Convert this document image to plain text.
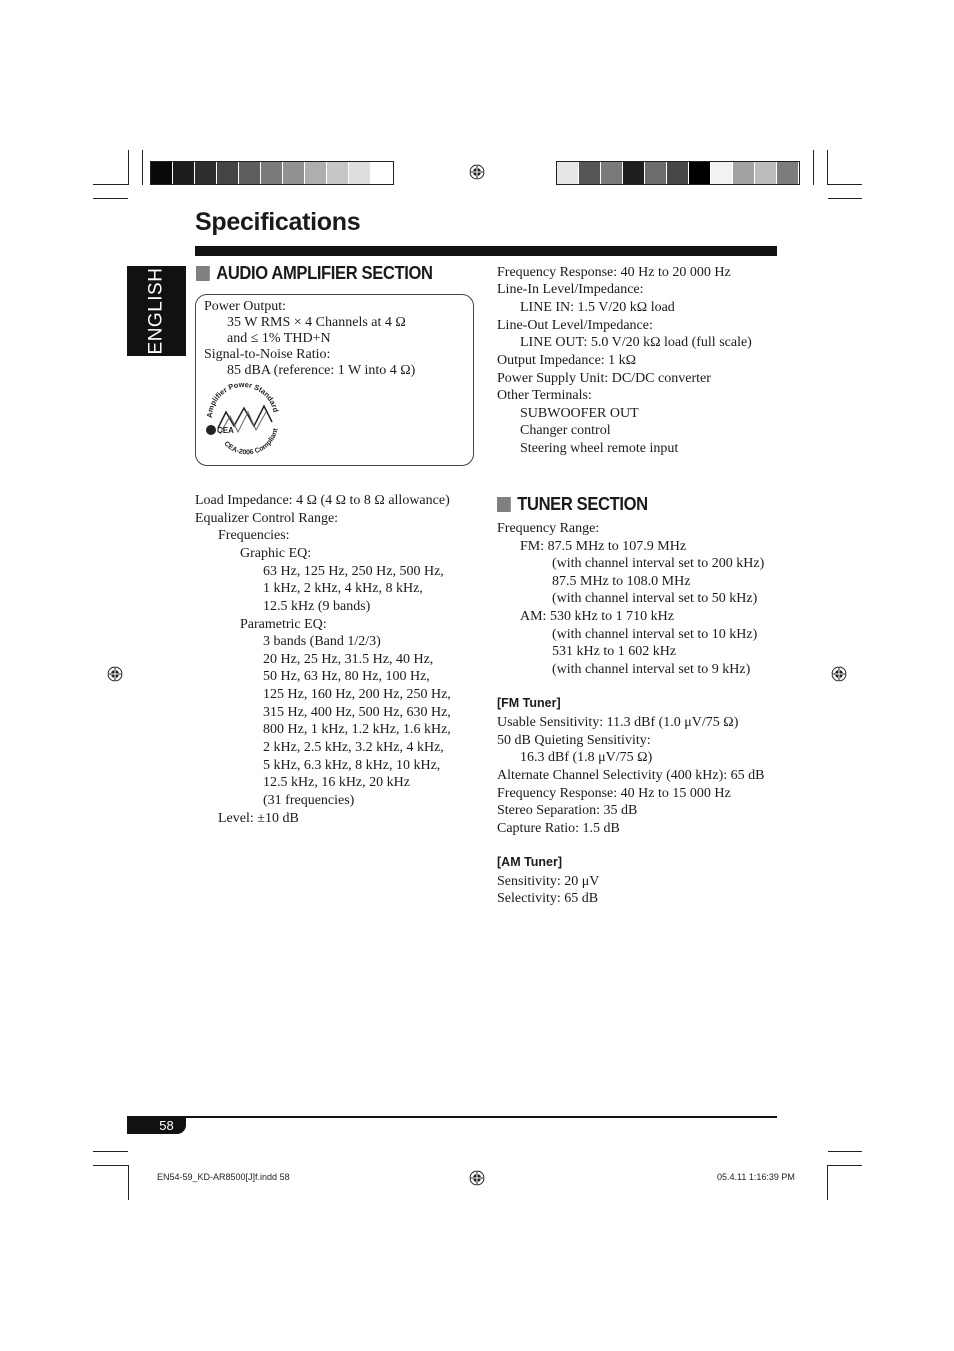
Specifications
ENGLISH	AUDIO AMPLIFIER SECTION
Power Output:
35 W RMS × 4 Channels at 4 Ω
and ≤ 1% THD+N
Signal-to-Noise Ratio:
85 dBA (reference: 1 W into 4 Ω)
Amplifier Power Standard
CEA
CEA-2006 Compliant
Load Impedance: 4 Ω (4 Ω to 8 Ω allowance)
Equalizer Control Range:
Frequencies:
Graphic EQ:
63 Hz, 125 Hz, 250 Hz, 500 Hz,
1 kHz, 2 kHz, 4 kHz, 8 kHz,
12.5 kHz (9 bands)
Parametric EQ:
3 bands (Band 1/2/3)
20 Hz, 25 Hz, 31.5 Hz, 40 Hz,
50 Hz, 63 Hz, 80 Hz, 100 Hz,
125 Hz, 160 Hz, 200 Hz, 250 Hz,
315 Hz, 400 Hz, 500 Hz, 630 Hz,
800 Hz, 1 kHz, 1.2 kHz, 1.6 kHz,
2 kHz, 2.5 kHz, 3.2 kHz, 4 kHz,
5 kHz, 6.3 kHz, 8 kHz, 10 kHz,
12.5 kHz, 16 kHz, 20 kHz
(31 frequencies)
Level: ±10 dB
Frequency Response: 40 Hz to 20 000 Hz
Line-In Level/Impedance:
LINE IN: 1.5 V/20 kΩ load
Line-Out Level/Impedance:
LINE OUT: 5.0 V/20 kΩ load (full scale)
Output Impedance: 1 kΩ
Power Supply Unit: DC/DC converter
Other Terminals:
SUBWOOFER OUT
Changer control
Steering wheel remote input
TUNER SECTION
Frequency Range:
FM: 87.5 MHz to 107.9 MHz
(with channel interval set to 200 kHz)
87.5 MHz to 108.0 MHz
(with channel interval set to 50 kHz)
AM: 530 kHz to 1 710 kHz
(with channel interval set to 10 kHz)
531 kHz to 1 602 kHz
(with channel interval set to 9 kHz)
[FM Tuner]
Usable Sensitivity: 11.3 dBf (1.0 μV/75 Ω)
50 dB Quieting Sensitivity:
16.3 dBf (1.8 μV/75 Ω)
Alternate Channel Selectivity (400 kHz): 65 dB
Frequency Response: 40 Hz to 15 000 Hz
Stereo Separation: 35 dB
Capture Ratio: 1.5 dB
[AM Tuner]
Sensitivity: 20 μV
Selectivity: 65 dB
58
EN54-59_KD-AR8500[J]f.indd 58	05.4.11 1:16:39 PM
